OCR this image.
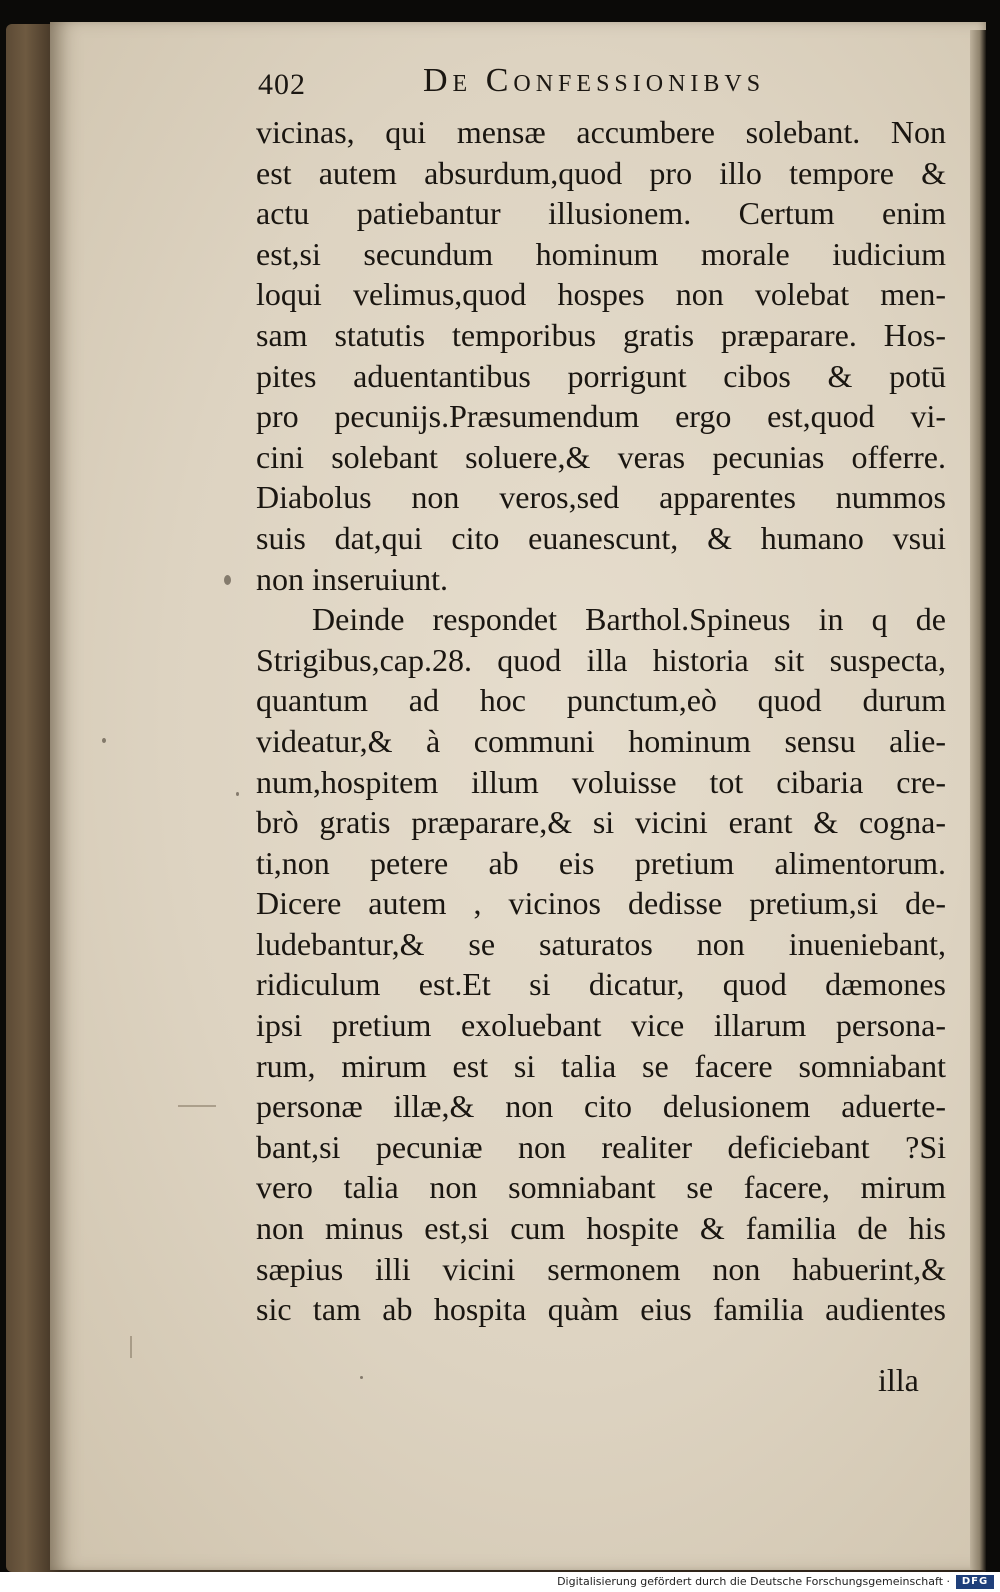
402	De Confessionibvs
vicinas, qui mensæ accumbere solebant. Non
est autem absurdum,quod pro illo tempore &
actu patiebantur illusionem. Certum enim
est,si secundum hominum morale iudicium
loqui velimus,quod hospes non volebat men-
sam statutis temporibus gratis præparare. Hos-
pites aduentantibus porrigunt cibos & potū
pro pecunijs.Præsumendum ergo est,quod vi-
cini solebant soluere,& veras pecunias offerre.
Diabolus non veros,sed apparentes nummos
suis dat,qui cito euanescunt, & humano vsui
non inseruiunt.
Deinde respondet Barthol.Spineus in q de
Strigibus,cap.28. quod illa historia sit suspecta,
quantum ad hoc punctum,eò quod durum
videatur,& à communi hominum sensu alie-
num,hospitem illum voluisse tot cibaria cre-
brò gratis præparare,& si vicini erant & cogna-
ti,non petere ab eis pretium alimentorum.
Dicere autem , vicinos dedisse pretium,si de-
ludebantur,& se saturatos non inueniebant,
ridiculum est.Et si dicatur, quod dæmones
ipsi pretium exoluebant vice illarum persona-
rum, mirum est si talia se facere somniabant
personæ illæ,& non cito delusionem aduerte-
bant,si pecuniæ non realiter deficiebant ?Si
vero talia non somniabant se facere, mirum
non minus est,si cum hospite & familia de his
sæpius illi vicini sermonem non habuerint,&
sic tam ab hospita quàm eius familia audientes
illa
Digitalisierung gefördert durch die Deutsche Forschungsgemeinschaft ·	DFG
